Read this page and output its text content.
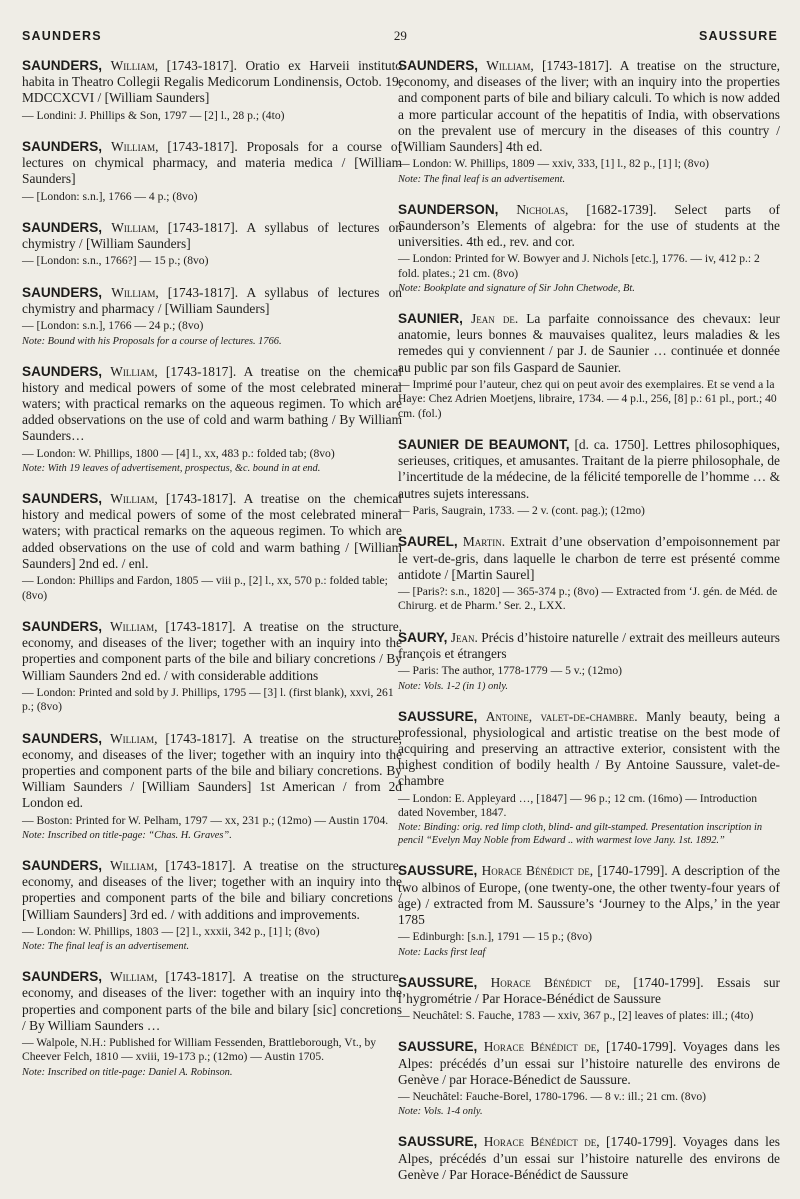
SAUNDERS	29	SAUSSURE
SAUNDERS, William, [1743-1817]. Oratio ex Harveii instituto habita in Theatro Collegii Regalis Medicorum Londinensis, Octob. 19, MDCCXCVI / [William Saunders]
— Londini: J. Phillips & Son, 1797 — [2] l., 28 p.; (4to)
SAUNDERS, William, [1743-1817]. Proposals for a course of lectures on chymical pharmacy, and materia medica / [William Saunders]
— [London: s.n.], 1766 — 4 p.; (8vo)
SAUNDERS, William, [1743-1817]. A syllabus of lectures on chymistry / [William Saunders]
— [London: s.n., 1766?] — 15 p.; (8vo)
SAUNDERS, William, [1743-1817]. A syllabus of lectures on chymistry and pharmacy / [William Saunders]
— [London: s.n.], 1766 — 24 p.; (8vo)
Note: Bound with his Proposals for a course of lectures. 1766.
SAUNDERS, William, [1743-1817]. A treatise on the chemical history and medical powers of some of the most celebrated mineral waters; with practical remarks on the aqueous regimen. To which are added observations on the use of cold and warm bathing / By William Saunders…
— London: W. Phillips, 1800 — [4] l., xx, 483 p.: folded tab; (8vo)
Note: With 19 leaves of advertisement, prospectus, &c. bound in at end.
SAUNDERS, William, [1743-1817]. A treatise on the chemical history and medical powers of some of the most celebrated mineral waters; with practical remarks on the aqueous regimen. To which are added observations on the use of cold and warm bathing / [William Saunders] 2nd ed. / enl.
— London: Phillips and Fardon, 1805 — viii p., [2] l., xx, 570 p.: folded table; (8vo)
SAUNDERS, William, [1743-1817]. A treatise on the structure, economy, and diseases of the liver; together with an inquiry into the properties and component parts of the bile and biliary concretions / By William Saunders 2nd ed. / with considerable additions
— London: Printed and sold by J. Phillips, 1795 — [3] l. (first blank), xxvi, 261 p.; (8vo)
SAUNDERS, William, [1743-1817]. A treatise on the structure, economy, and diseases of the liver; together with an inquiry into the properties and component parts of the bile and biliary concretions. By William Saunders / [William Saunders] 1st American / from 2d London ed.
— Boston: Printed for W. Pelham, 1797 — xx, 231 p.; (12mo) — Austin 1704.
Note: Inscribed on title-page: “Chas. H. Graves”.
SAUNDERS, William, [1743-1817]. A treatise on the structure, economy, and diseases of the liver; together with an inquiry into the properties and component parts of the bile and biliary concretions / [William Saunders] 3rd ed. / with additions and improvements.
— London: W. Phillips, 1803 — [2] l., xxxii, 342 p., [1] l; (8vo)
Note: The final leaf is an advertisement.
SAUNDERS, William, [1743-1817]. A treatise on the structure, economy, and diseases of the liver: together with an inquiry into the properties and component parts of the bile and bilary [sic] concretions / By William Saunders …
— Walpole, N.H.: Published for William Fessenden, Brattleborough, Vt., by Cheever Felch, 1810 — xviii, 19-173 p.; (12mo) — Austin 1705.
Note: Inscribed on title-page: Daniel A. Robinson.
SAUNDERS, William, [1743-1817]. A treatise on the structure, economy, and diseases of the liver; with an inquiry into the properties and component parts of bile and biliary calculi. To which is now added a more particular account of the hepatitis of India, with observations on the prevalent use of mercury in the diseases of this country / [William Saunders] 4th ed.
— London: W. Phillips, 1809 — xxiv, 333, [1] l., 82 p., [1] l; (8vo)
Note: The final leaf is an advertisement.
SAUNDERSON, Nicholas, [1682-1739]. Select parts of Saunderson’s Elements of algebra: for the use of students at the universities. 4th ed., rev. and cor.
— London: Printed for W. Bowyer and J. Nichols [etc.], 1776. — iv, 412 p.: 2 fold. plates.; 21 cm. (8vo)
Note: Bookplate and signature of Sir John Chetwode, Bt.
SAUNIER, Jean de. La parfaite connoissance des chevaux: leur anatomie, leurs bonnes & mauvaises qualitez, leurs maladies & les remedes qui y conviennent / par J. de Saunier … continuée et donnée au public par son fils Gaspard de Saunier.
— Imprimé pour l’auteur, chez qui on peut avoir des exemplaires. Et se vend a la Haye: Chez Adrien Moetjens, libraire, 1734. — 4 p.l., 256, [8] p.: 61 pl., port.; 40 cm. (fol.)
SAUNIER DE BEAUMONT, [d. ca. 1750]. Lettres philosophiques, serieuses, critiques, et amusantes. Traitant de la pierre philosophale, de l’incertitude de la médecine, de la félicité temporelle de l’homme … & autres sujets interessans.
— Paris, Saugrain, 1733. — 2 v. (cont. pag.); (12mo)
SAUREL, Martin. Extrait d’une observation d’empoisonnement par le vert-de-gris, dans laquelle le charbon de terre est présenté comme antidote / [Martin Saurel]
— [Paris?: s.n., 1820] — 365-374 p.; (8vo) — Extracted from ‘J. gén. de Méd. de Chirurg. et de Pharm.’ Ser. 2., LXX.
SAURY, Jean. Précis d’histoire naturelle / extrait des meilleurs auteurs françois et étrangers
— Paris: The author, 1778-1779 — 5 v.; (12mo)
Note: Vols. 1-2 (in 1) only.
SAUSSURE, Antoine, valet-de-chambre. Manly beauty, being a professional, physiological and artistic treatise on the best mode of acquiring and preserving an attractive exterior, consistent with the highest condition of bodily health / By Antoine Saussure, valet-de-chambre
— London: E. Appleyard …, [1847] — 96 p.; 12 cm. (16mo) — Introduction dated November, 1847.
Note: Binding: orig. red limp cloth, blind- and gilt-stamped. Presentation inscription in pencil “Evelyn May Noble from Edward .. with warmest love Jany. 1st. 1892.”
SAUSSURE, Horace Bénédict de, [1740-1799]. A description of the two albinos of Europe, (one twenty-one, the other twenty-four years of age) / extracted from M. Saussure’s ‘Journey to the Alps,’ in the year 1785
— Edinburgh: [s.n.], 1791 — 15 p.; (8vo)
Note: Lacks first leaf
SAUSSURE, Horace Bénédict de, [1740-1799]. Essais sur l’hygrométrie / Par Horace-Bénédict de Saussure
— Neuchâtel: S. Fauche, 1783 — xxiv, 367 p., [2] leaves of plates: ill.; (4to)
SAUSSURE, Horace Bénédict de, [1740-1799]. Voyages dans les Alpes: précédés d’un essai sur l’histoire naturelle des environs de Genève / par Horace-Bénedict de Saussure.
— Neuchâtel: Fauche-Borel, 1780-1796. — 8 v.: ill.; 21 cm. (8vo)
Note: Vols. 1-4 only.
SAUSSURE, Horace Bénédict de, [1740-1799]. Voyages dans les Alpes, précédés d’un essai sur l’histoire naturelle des environs de Genève / Par Horace-Bénédict de Saussure
